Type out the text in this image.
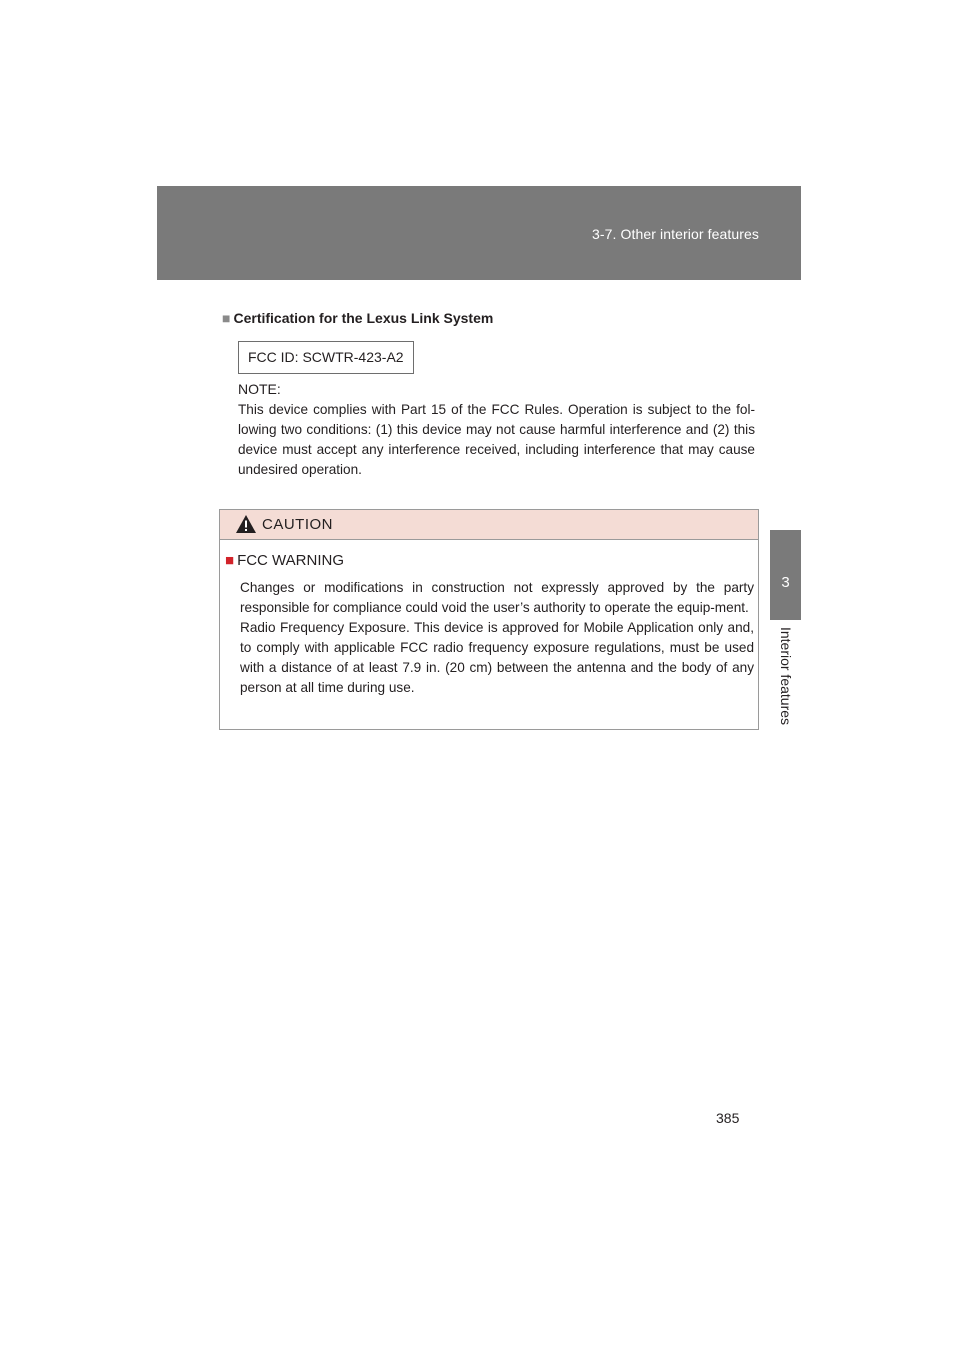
3-7. Other interior features
3
Interior features
■ Certification for the Lexus Link System
FCC ID: SCWTR-423-A2
NOTE:
This device complies with Part 15 of the FCC Rules. Operation is subject to the fol-lowing two conditions: (1) this device may not cause harmful interference and (2) this device must accept any interference received, including interference that may cause undesired operation.
CAUTION
■ FCC WARNING

Changes or modifications in construction not expressly approved by the party responsible for compliance could void the user’s authority to operate the equip-ment.

Radio Frequency Exposure. This device is approved for Mobile Application only and, to comply with applicable FCC radio frequency exposure regulations, must be used with a distance of at least 7.9 in. (20 cm) between the antenna and the body of any person at all time during use.

385
